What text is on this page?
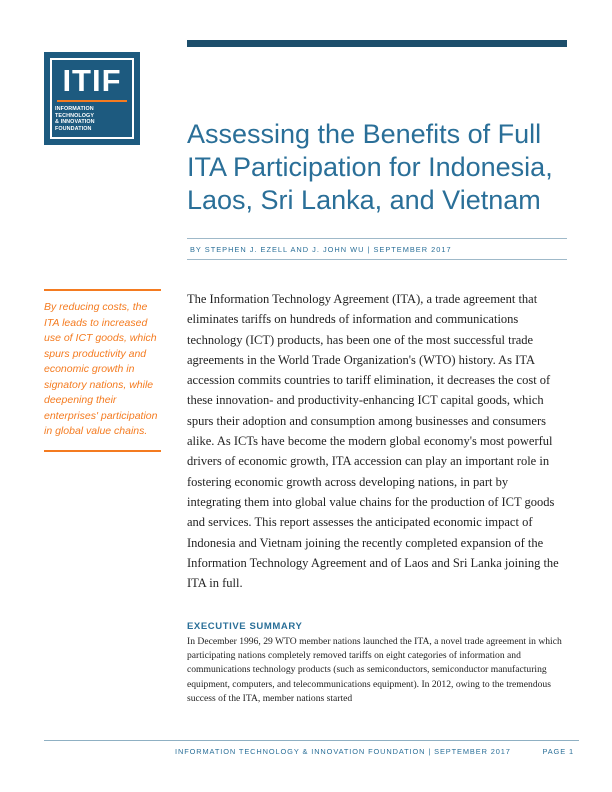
ITIF
INFORMATION TECHNOLOGY
& INNOVATION FOUNDATION	Assessing the Benefits of Full ITA Participation for Indonesia, Laos, Sri Lanka, and Vietnam
BY STEPHEN J. EZELL AND J. JOHN WU | SEPTEMBER 2017

By reducing costs, the ITA leads to increased use of ICT goods, which spurs productivity and economic growth in signatory nations, while deepening their enterprises' participation in global value chains.

The Information Technology Agreement (ITA), a trade agreement that eliminates tariffs on hundreds of information and communications technology (ICT) products, has been one of the most successful trade agreements in the World Trade Organization's (WTO) history. As ITA accession commits countries to tariff elimination, it decreases the cost of these innovation- and productivity-enhancing ICT capital goods, which spurs their adoption and consumption among businesses and consumers alike. As ICTs have become the modern global economy's most powerful drivers of economic growth, ITA accession can play an important role in fostering economic growth across developing nations, in part by integrating them into global value chains for the production of ICT goods and services. This report assesses the anticipated economic impact of Indonesia and Vietnam joining the recently completed expansion of the Information Technology Agreement and of Laos and Sri Lanka joining the ITA in full.

EXECUTIVE SUMMARY

In December 1996, 29 WTO member nations launched the ITA, a novel trade agreement in which participating nations completely removed tariffs on eight categories of information and communications technology products (such as semiconductors, semiconductor manufacturing equipment, computers, and telecommunications equipment). In 2012, owing to the tremendous success of the ITA, member nations started

INFORMATION TECHNOLOGY & INNOVATION FOUNDATION | SEPTEMBER 2017	PAGE 1
